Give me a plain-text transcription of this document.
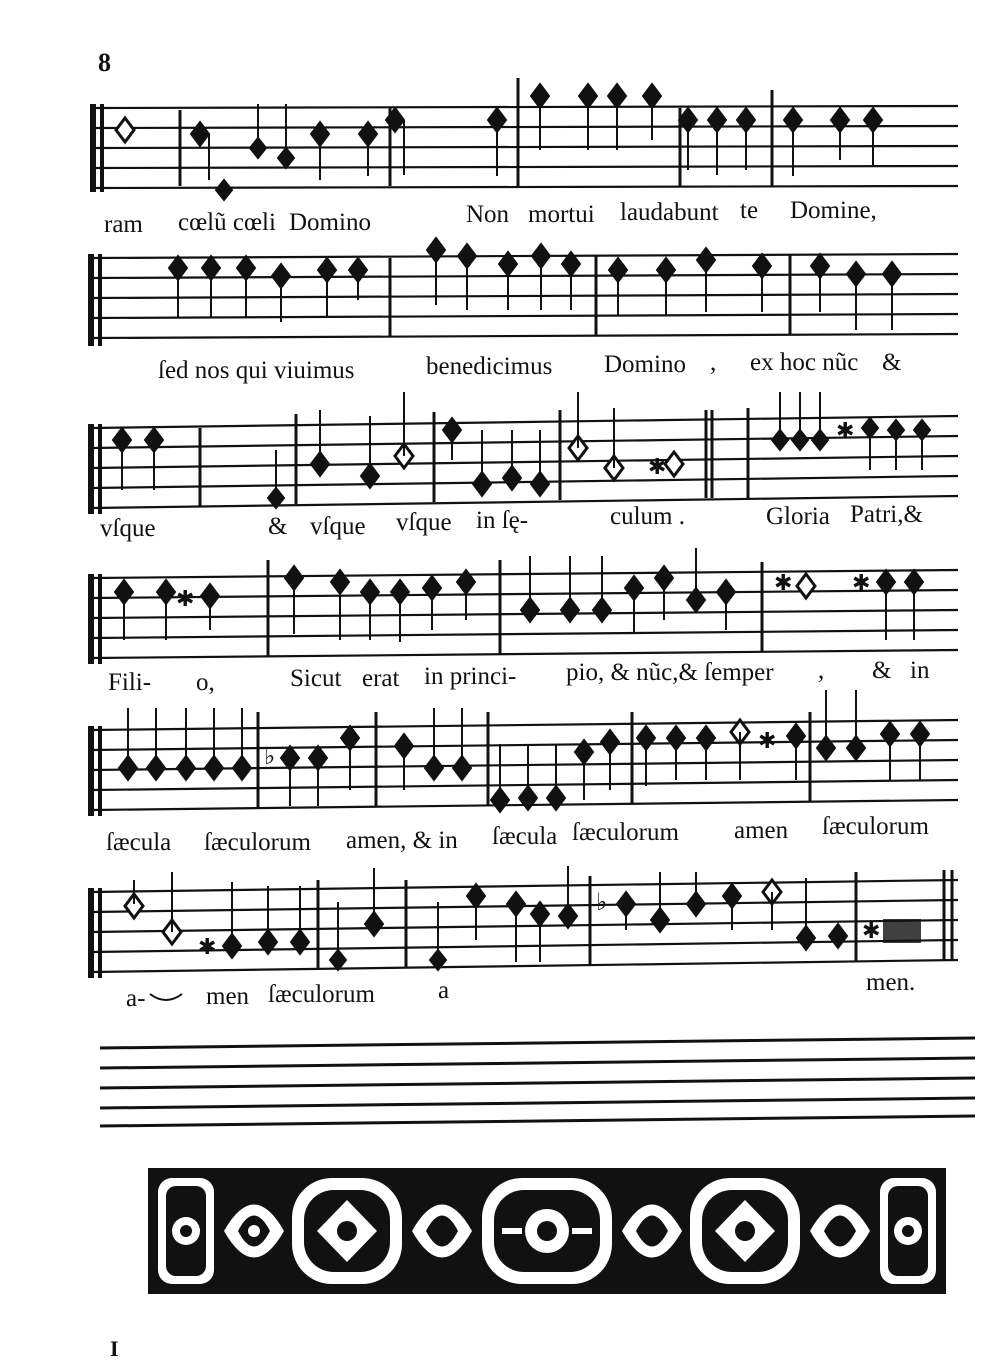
8
ram cœlũ cœli Domino	Non mortui laudabunt te Domine,
ſed nos qui viuimus	benedicimus Domino , ex hoc nũc &
✱
✱
vſque	& vſque vſque in ſę-	culum .	Gloria Patri,&
✱
✱	✱
Fili- o,	Sicut erat in princi- pio, & nũc,& ſemper , & in
♭
✱
ſæcula ſæculorum amen, & in ſæcula ſæculorum amen ſæculorum
✱
♭
✱
a- men ſæculorum	a	men.
I
